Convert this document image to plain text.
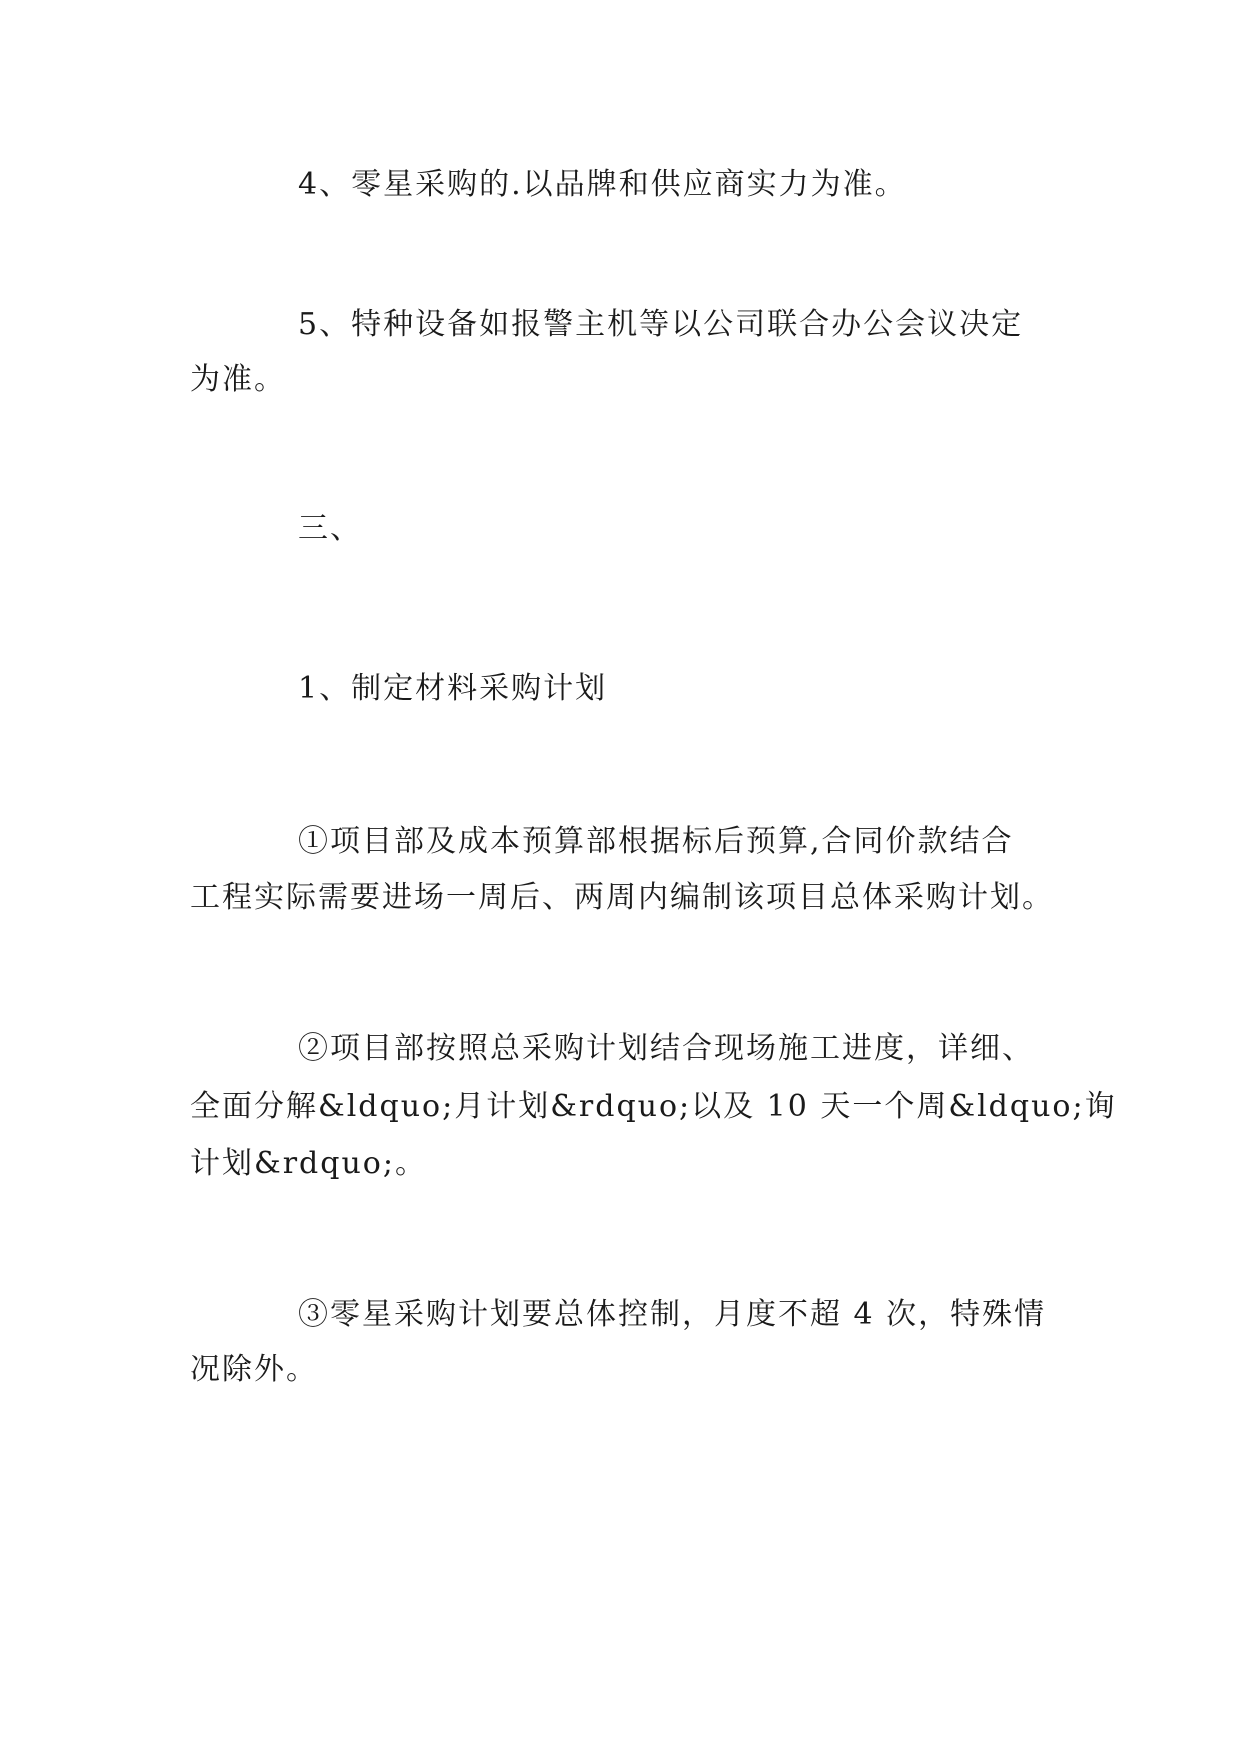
4、零星采购的.以品牌和供应商实力为准。
5、特种设备如报警主机等以公司联合办公会议决定
为准。
三、
1、制定材料采购计划
①项目部及成本预算部根据标后预算,合同价款结合
工程实际需要进场一周后、两周内编制该项目总体采购计划。
②项目部按照总采购计划结合现场施工进度，详细、
全面分解&ldquo;月计划&rdquo;以及 10 天一个周&ldquo;询
计划&rdquo;。
③零星采购计划要总体控制，月度不超 4 次，特殊情
况除外。
